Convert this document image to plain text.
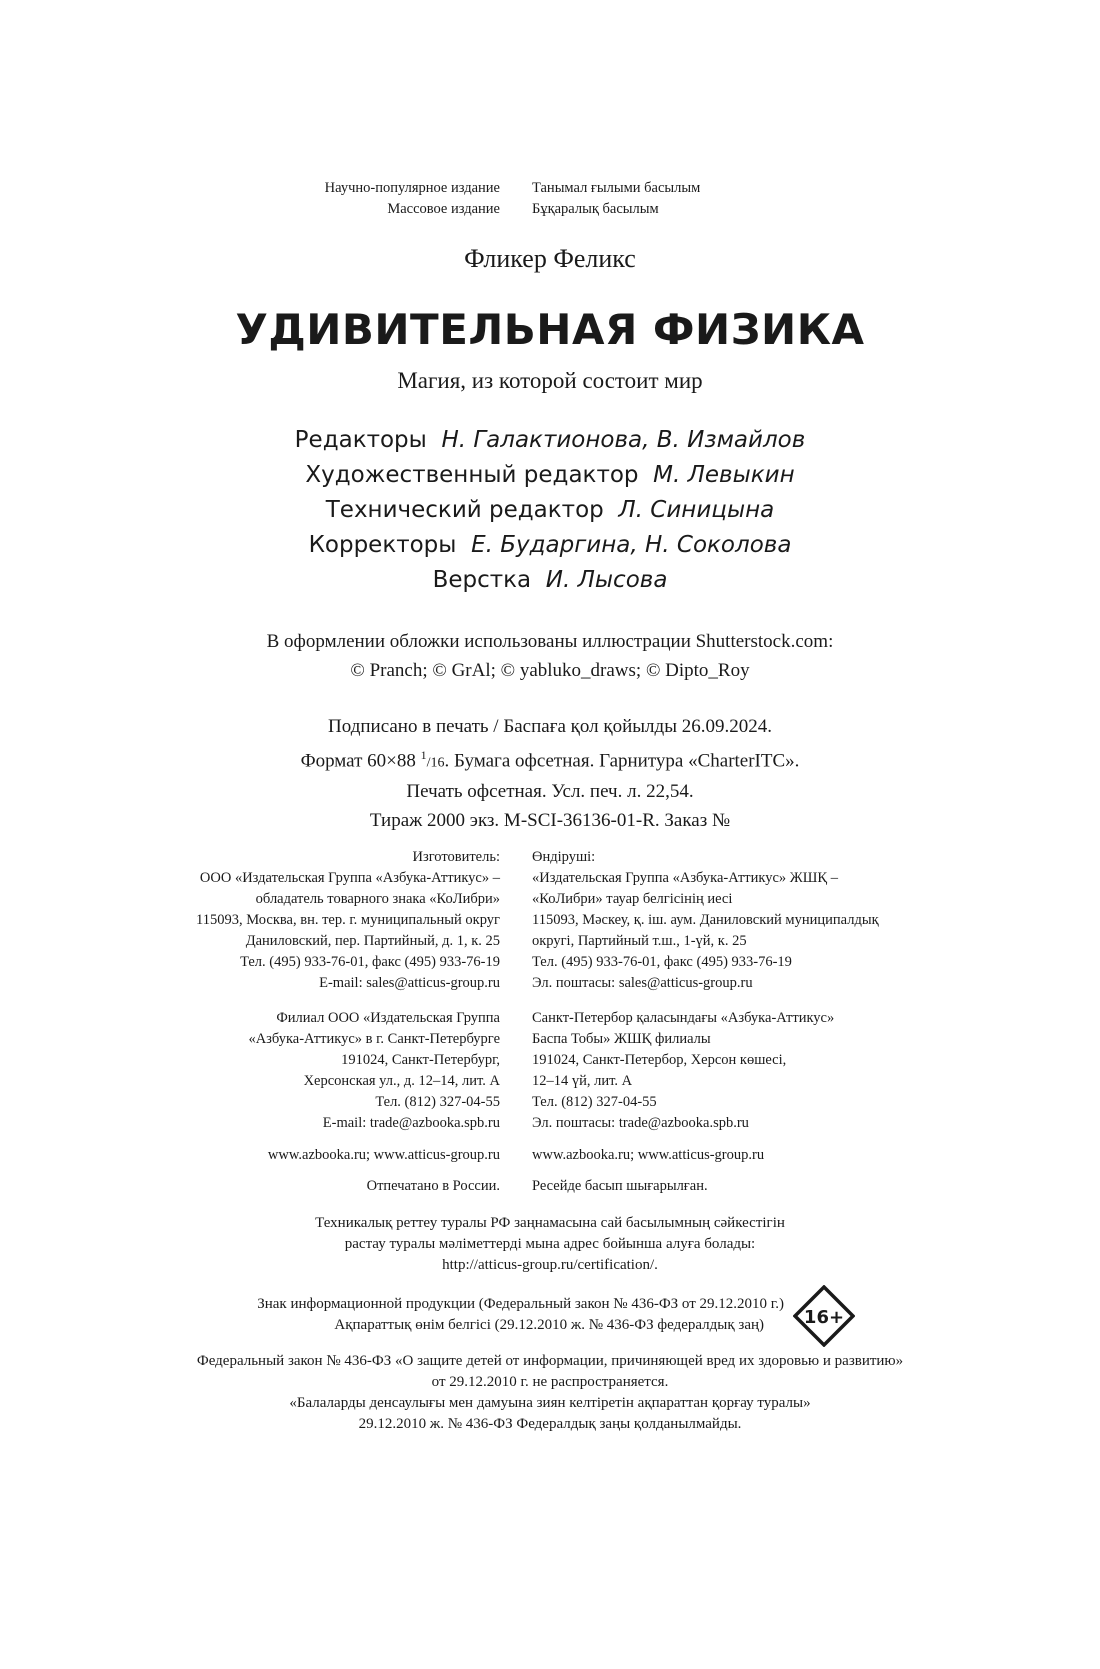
Научно-популярное издание
Массовое издание
Танымал ғылыми басылым
Бұқаралық басылым
Фликер Феликс
УДИВИТЕЛЬНАЯ ФИЗИКА
Магия, из которой состоит мир
Редакторы Н. Галактионова, В. Измайлов
Художественный редактор М. Левыкин
Технический редактор Л. Синицына
Корректоры Е. Бударгина, Н. Соколова
Верстка И. Лысова
В оформлении обложки использованы иллюстрации Shutterstock.com:
© Pranch; © GrAl; © yabluko_draws; © Dipto_Roy
Подписано в печать / Баспаға қол қойылды 26.09.2024.
Формат 60×88 $^1$/16. Бумага офсетная. Гарнитура «CharterITC».
Печать офсетная. Усл. печ. л. 22,54.
Тираж 2000 экз. M-SCI-36136-01-R. Заказ №
Изготовитель:
ООО «Издательская Группа «Азбука-Аттикус» –
обладатель товарного знака «КоЛибри»
115093, Москва, вн. тер. г. муниципальный округ
Даниловский, пер. Партийный, д. 1, к. 25
Тел. (495) 933-76-01, факс (495) 933-76-19
E-mail: sales@atticus-group.ru
Өндіруші:
«Издательская Группа «Азбука-Аттикус» ЖШҚ –
«КоЛибри» тауар белгісінің иесі
115093, Мәскеу, қ. іш. аум. Даниловский муниципалдық
округі, Партийный т.ш., 1-үй, к. 25
Тел. (495) 933-76-01, факс (495) 933-76-19
Эл. поштасы: sales@atticus-group.ru
Филиал ООО «Издательская Группа
«Азбука-Аттикус» в г. Санкт-Петербурге
191024, Санкт-Петербург,
Херсонская ул., д. 12–14, лит. А
Тел. (812) 327-04-55
E-mail: trade@azbooka.spb.ru
Санкт-Петербор қаласындағы «Азбука-Аттикус»
Баспа Тобы» ЖШҚ филиалы
191024, Санкт-Петербор, Херсон көшесі,
12–14 үй, лит. А
Тел. (812) 327-04-55
Эл. поштасы: trade@azbooka.spb.ru
www.azbooka.ru; www.atticus-group.ru www.azbooka.ru; www.atticus-group.ru
Отпечатано в России. Ресейде басып шығарылған.
Техникалық реттеу туралы РФ заңнамасына сай басылымның сәйкестігін
растау туралы мәліметтерді мына адрес бойынша алуға болады:
http://atticus-group.ru/certification/.
Знак информационной продукции (Федеральный закон № 436-ФЗ от 29.12.2010 г.)
Ақпараттық өнім белгісі (29.12.2010 ж. № 436-ФЗ федералдық заң)	16+
Федеральный закон № 436-ФЗ «О защите детей от информации, причиняющей вред их здоровью и развитию»
от 29.12.2010 г. не распространяется.
«Балаларды денсаулығы мен дамуына зиян келтіретін ақпараттан қорғау туралы»
29.12.2010 ж. № 436-ФЗ Федералдық заңы қолданылмайды.
